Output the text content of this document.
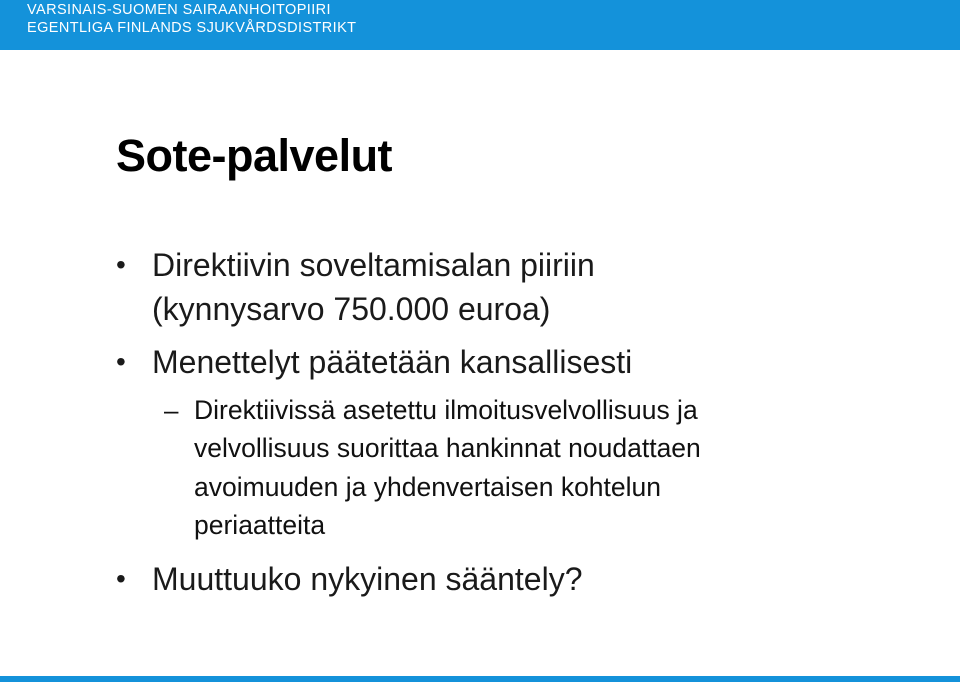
VARSINAIS-SUOMEN SAIRAANHOITOPIIRI
EGENTLIGA FINLANDS SJUKVÅRDSDISTRIKT
Sote-palvelut
• Direktiivin soveltamisalan piiriin
(kynnysarvo 750.000 euroa)
• Menettelyt päätetään kansallisesti
– Direktiivissä asetettu ilmoitusvelvollisuus ja
velvollisuus suorittaa hankinnat noudattaen
avoimuuden ja yhdenvertaisen kohtelun
periaatteita
• Muuttuuko nykyinen sääntely?
